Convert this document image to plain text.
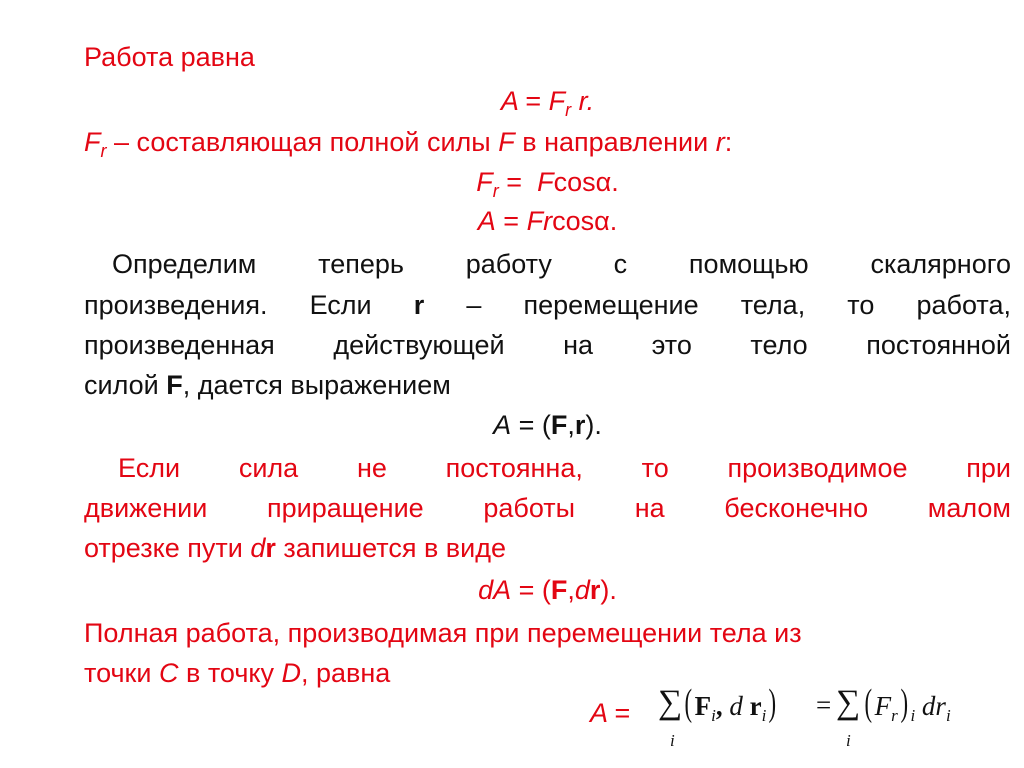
Работа равна
$A = F_r$ r.
$F_r$ – составляющая полной силы F в направлении r:
$F_r = Fcos\alpha$.
A = Frcosα.
Определим теперь работу с помощью скалярного
произведения. Если r – перемещение тела, то работа,
произведенная действующей на это тело постоянной
силой F, дается выражением
A = (F,r).
Если сила не постоянна, то производимое при
движении приращение работы на бесконечно малом
отрезке пути dr запишется в виде
dA = (F,dr).
Полная работа, производимая при перемещении тела из
точки C в точку D, равна
A = ∑
i
($F_i$, d $r_i$) = ∑
i
$(F_r)$ $_i$ $dr_i$
